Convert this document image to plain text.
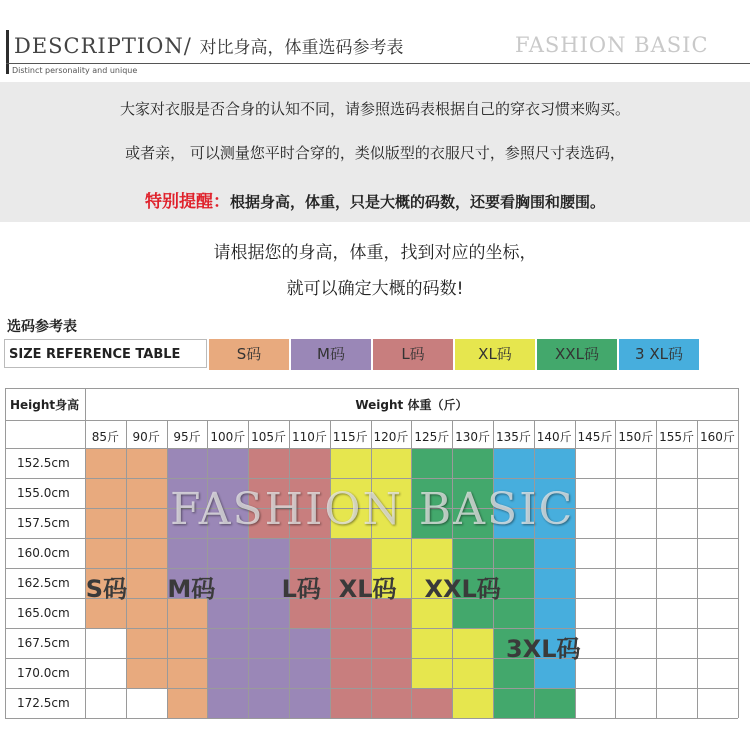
DESCRIPTION/ 对比身高，体重选码参考表	FASHION BASIC
Distinct personality and unique
大家对衣服是否合身的认知不同，请参照选码表根据自己的穿衣习惯来购买。
或者亲， 可以测量您平时合穿的，类似版型的衣服尺寸，参照尺寸表选码，
特别提醒：根据身高，体重，只是大概的码数，还要看胸围和腰围。
请根据您的身高，体重，找到对应的坐标，
就可以确定大概的码数!
选码参考表
SIZE REFERENCE TABLE	S码	M码	L码	XL码	XXL码	3 XL码
Height身高	Weight 体重（斤）
85斤	90斤	95斤 100斤 105斤 110斤 115斤 120斤 125斤 130斤 135斤 140斤 145斤 150斤 155斤 160斤
152.5cm
155.0cm
157.5cm
160.0cm
162.5cm
165.0cm
167.5cm
170.0cm
172.5cm
S码 M码	L码 XL码 XXL码
3XL码
FASHION BASIC
